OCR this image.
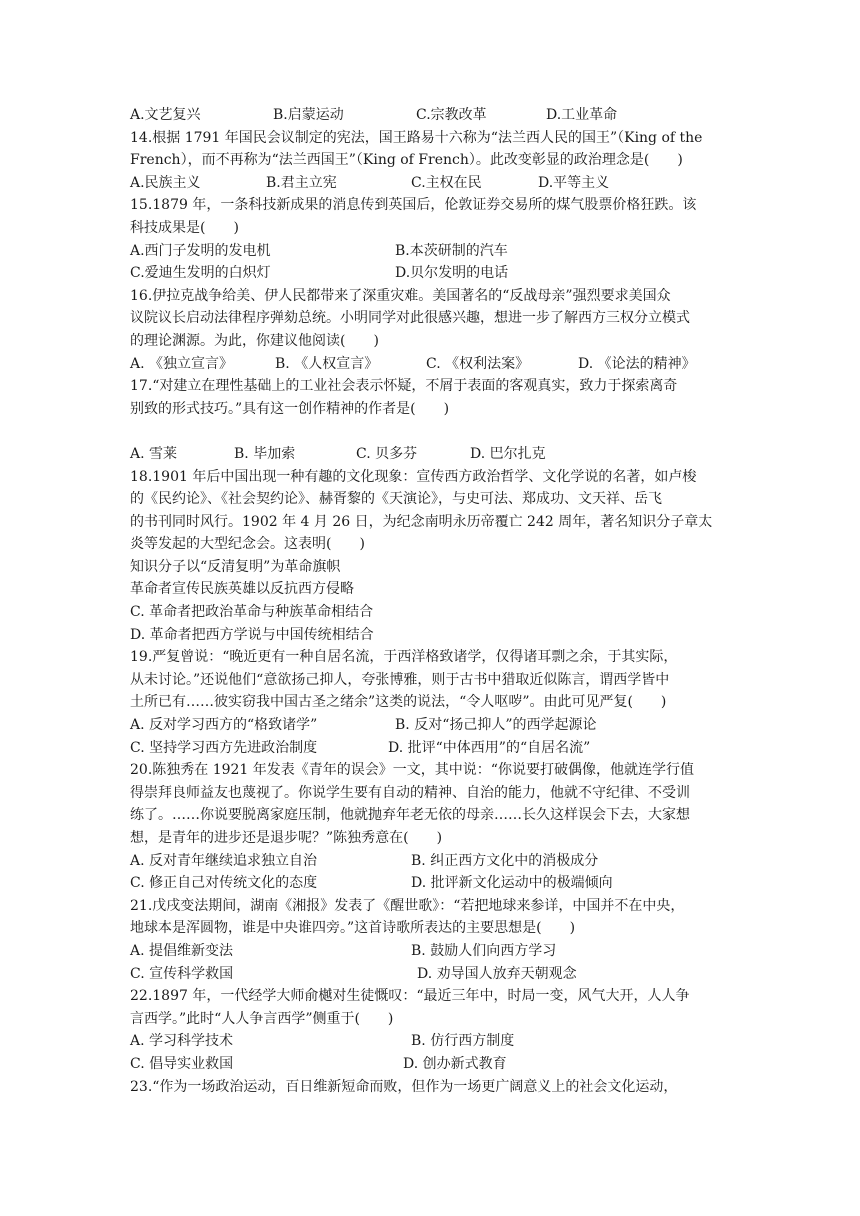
A.文艺复兴	B.启蒙运动	C.宗教改革	D.工业革命
14.根据 1791 年国民会议制定的宪法，国王路易十六称为“法兰西人民的国王”（King of the
French），而不再称为“法兰西国王”（King of French）。此改变彰显的政治理念是(　　)
A.民族主义	B.君主立宪	C.主权在民	D.平等主义
15.1879 年，一条科技新成果的消息传到英国后，伦敦证券交易所的煤气股票价格狂跌。该
科技成果是(　　)
A.西门子发明的发电机	B.本茨研制的汽车
C.爱迪生发明的白炽灯	D.贝尔发明的电话
16.伊拉克战争给美、伊人民都带来了深重灾难。美国著名的“反战母亲”强烈要求美国众
议院议长启动法律程序弹劾总统。小明同学对此很感兴趣，想进一步了解西方三权分立模式
的理论渊源。为此，你建议他阅读(　　)
A. 《独立宣言》	B. 《人权宣言》	C. 《权利法案》	D. 《论法的精神》
17.“对建立在理性基础上的工业社会表示怀疑，不屑于表面的客观真实，致力于探索离奇
别致的形式技巧。”具有这一创作精神的作者是(　　)
A. 雪莱	B. 毕加索	C. 贝多芬	D. 巴尔扎克
18.1901 年后中国出现一种有趣的文化现象：宣传西方政治哲学、文化学说的名著，如卢梭
的《民约论》、《社会契约论》、赫胥黎的《天演论》，与史可法、郑成功、文天祥、岳飞
的书刊同时风行。1902 年 4 月 26 日，为纪念南明永历帝覆亡 242 周年，著名知识分子章太
炎等发起的大型纪念会。这表明(　　)
知识分子以“反清复明”为革命旗帜
革命者宣传民族英雄以反抗西方侵略
C. 革命者把政治革命与种族革命相结合
D. 革命者把西方学说与中国传统相结合
19.严复曾说：“晚近更有一种自居名流，于西洋格致诸学，仅得诸耳剽之余，于其实际，
从未讨论。”还说他们“意欲扬己抑人，夸张博雅，则于古书中猎取近似陈言，谓西学皆中
土所已有……彼实窃我中国古圣之绪余”这类的说法，“令人呕哕”。由此可见严复(　　)
A. 反对学习西方的“格致诸学”	B. 反对“扬己抑人”的西学起源论
C. 坚持学习西方先进政治制度	D. 批评“中体西用”的“自居名流”
20.陈独秀在 1921 年发表《青年的误会》一文，其中说：“你说要打破偶像，他就连学行值
得崇拜良师益友也蔑视了。你说学生要有自动的精神、自治的能力，他就不守纪律、不受训
练了。……你说要脱离家庭压制，他就抛弃年老无依的母亲……长久这样误会下去，大家想
想，是青年的进步还是退步呢？”陈独秀意在(　　)
A. 反对青年继续追求独立自治	B. 纠正西方文化中的消极成分
C. 修正自己对传统文化的态度	D. 批评新文化运动中的极端倾向
21.戊戌变法期间，湖南《湘报》发表了《醒世歌》：“若把地球来参详，中国并不在中央，
地球本是浑圆物，谁是中央谁四旁。”这首诗歌所表达的主要思想是(　　)
A. 提倡维新变法	B. 鼓励人们向西方学习
C. 宣传科学救国	D. 劝导国人放弃天朝观念
22.1897 年，一代经学大师俞樾对生徒慨叹：“最近三年中，时局一变，风气大开，人人争
言西学。”此时“人人争言西学”侧重于(　　)
A. 学习科学技术	B. 仿行西方制度
C. 倡导实业救国	D. 创办新式教育
23.“作为一场政治运动，百日维新短命而败，但作为一场更广阔意义上的社会文化运动，
